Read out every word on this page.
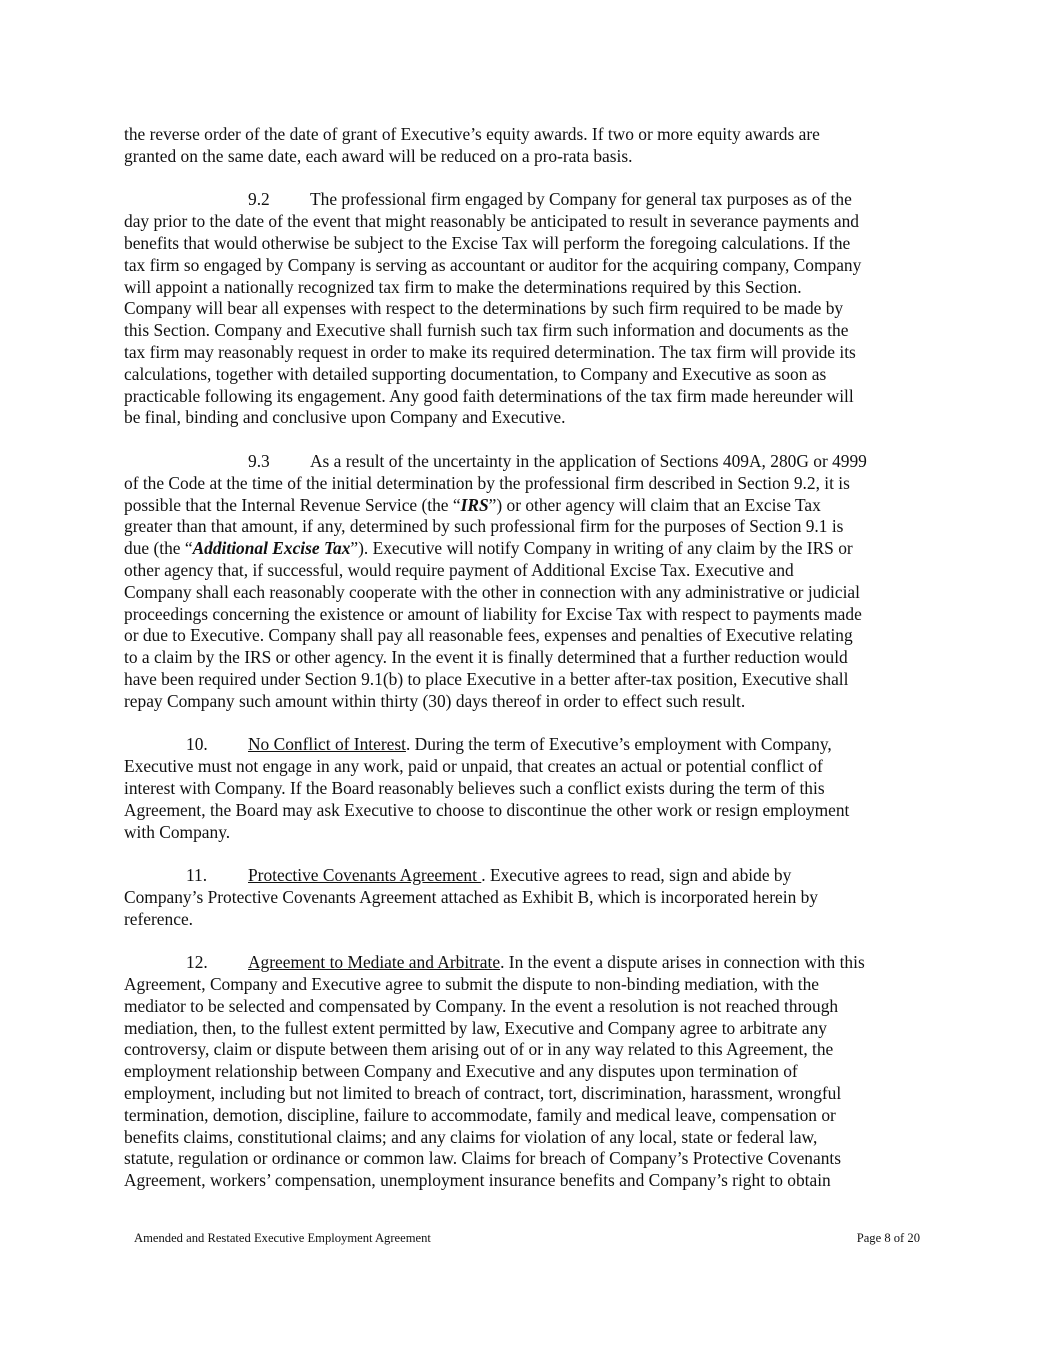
the reverse order of the date of grant of Executive’s equity awards. If two or more equity awards are
granted on the same date, each award will be reduced on a pro-rata basis.
9.2 The professional firm engaged by Company for general tax purposes as of the
day prior to the date of the event that might reasonably be anticipated to result in severance payments and
benefits that would otherwise be subject to the Excise Tax will perform the foregoing calculations. If the
tax firm so engaged by Company is serving as accountant or auditor for the acquiring company, Company
will appoint a nationally recognized tax firm to make the determinations required by this Section.
Company will bear all expenses with respect to the determinations by such firm required to be made by
this Section. Company and Executive shall furnish such tax firm such information and documents as the
tax firm may reasonably request in order to make its required determination. The tax firm will provide its
calculations, together with detailed supporting documentation, to Company and Executive as soon as
practicable following its engagement. Any good faith determinations of the tax firm made hereunder will
be final, binding and conclusive upon Company and Executive.
9.3 As a result of the uncertainty in the application of Sections 409A, 280G or 4999
of the Code at the time of the initial determination by the professional firm described in Section 9.2, it is
possible that the Internal Revenue Service (the “IRS”) or other agency will claim that an Excise Tax
greater than that amount, if any, determined by such professional firm for the purposes of Section 9.1 is
due (the “Additional Excise Tax”). Executive will notify Company in writing of any claim by the IRS or
other agency that, if successful, would require payment of Additional Excise Tax. Executive and
Company shall each reasonably cooperate with the other in connection with any administrative or judicial
proceedings concerning the existence or amount of liability for Excise Tax with respect to payments made
or due to Executive. Company shall pay all reasonable fees, expenses and penalties of Executive relating
to a claim by the IRS or other agency. In the event it is finally determined that a further reduction would
have been required under Section 9.1(b) to place Executive in a better after-tax position, Executive shall
repay Company such amount within thirty (30) days thereof in order to effect such result.
10. No Conflict of Interest. During the term of Executive’s employment with Company,
Executive must not engage in any work, paid or unpaid, that creates an actual or potential conflict of
interest with Company. If the Board reasonably believes such a conflict exists during the term of this
Agreement, the Board may ask Executive to choose to discontinue the other work or resign employment
with Company.
11. Protective Covenants Agreement . Executive agrees to read, sign and abide by
Company’s Protective Covenants Agreement attached as Exhibit B, which is incorporated herein by
reference.
12. Agreement to Mediate and Arbitrate. In the event a dispute arises in connection with this
Agreement, Company and Executive agree to submit the dispute to non-binding mediation, with the
mediator to be selected and compensated by Company. In the event a resolution is not reached through
mediation, then, to the fullest extent permitted by law, Executive and Company agree to arbitrate any
controversy, claim or dispute between them arising out of or in any way related to this Agreement, the
employment relationship between Company and Executive and any disputes upon termination of
employment, including but not limited to breach of contract, tort, discrimination, harassment, wrongful
termination, demotion, discipline, failure to accommodate, family and medical leave, compensation or
benefits claims, constitutional claims; and any claims for violation of any local, state or federal law,
statute, regulation or ordinance or common law. Claims for breach of Company’s Protective Covenants
Agreement, workers’ compensation, unemployment insurance benefits and Company’s right to obtain
Amended and Restated Executive Employment Agreement	Page 8 of 20
